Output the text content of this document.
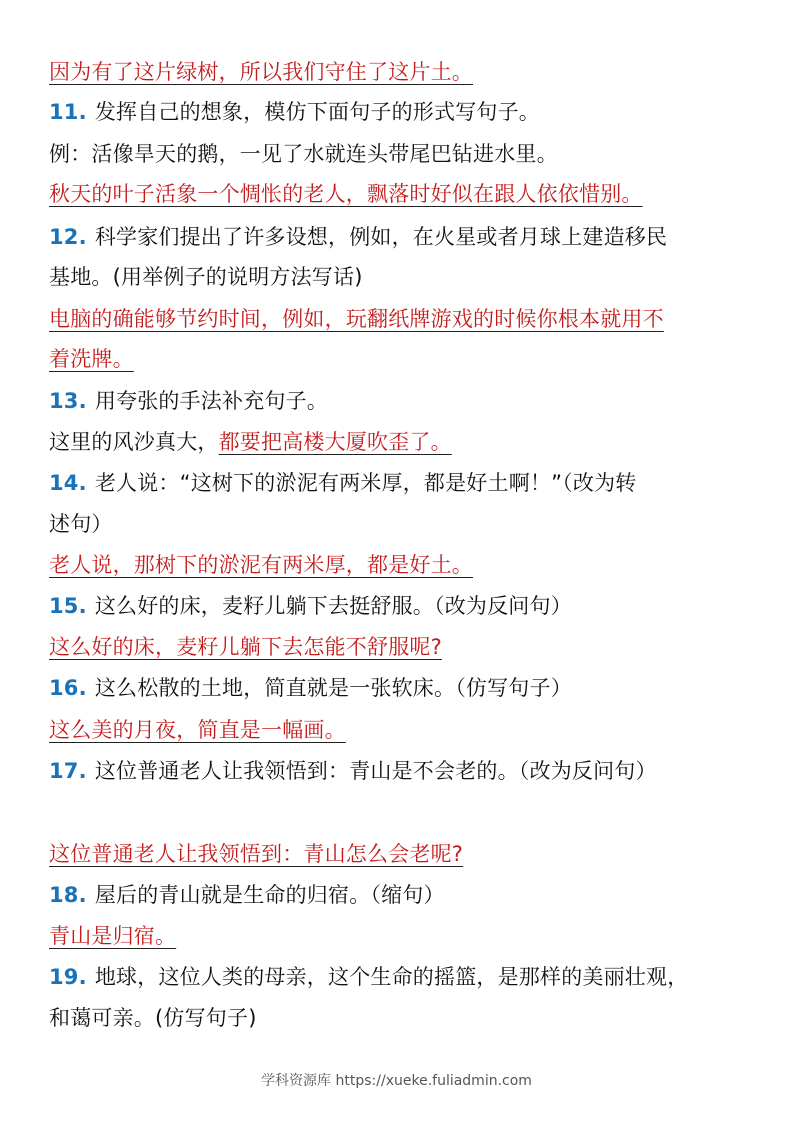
因为有了这片绿树，所以我们守住了这片土。
11. 发挥自己的想象，模仿下面句子的形式写句子。
例：活像旱天的鹅，一见了水就连头带尾巴钻进水里。
秋天的叶子活象一个惆怅的老人，飘落时好似在跟人依依惜别。
12. 科学家们提出了许多设想，例如，在火星或者月球上建造移民
基地。(用举例子的说明方法写话)
电脑的确能够节约时间，例如，玩翻纸牌游戏的时候你根本就用不
着洗牌。
13. 用夸张的手法补充句子。
这里的风沙真大，都要把高楼大厦吹歪了。
14. 老人说：“这树下的淤泥有两米厚，都是好土啊！”（改为转
述句）
老人说，那树下的淤泥有两米厚，都是好土。
15. 这么好的床，麦籽儿躺下去挺舒服。（改为反问句）
这么好的床，麦籽儿躺下去怎能不舒服呢?
16. 这么松散的土地，简直就是一张软床。（仿写句子）
这么美的月夜，简直是一幅画。
17. 这位普通老人让我领悟到：青山是不会老的。（改为反问句）
这位普通老人让我领悟到：青山怎么会老呢?
18. 屋后的青山就是生命的归宿。（缩句）
青山是归宿。
19. 地球，这位人类的母亲，这个生命的摇篮，是那样的美丽壮观，
和蔼可亲。(仿写句子)
学科资源库 https://xueke.fuliadmin.com
